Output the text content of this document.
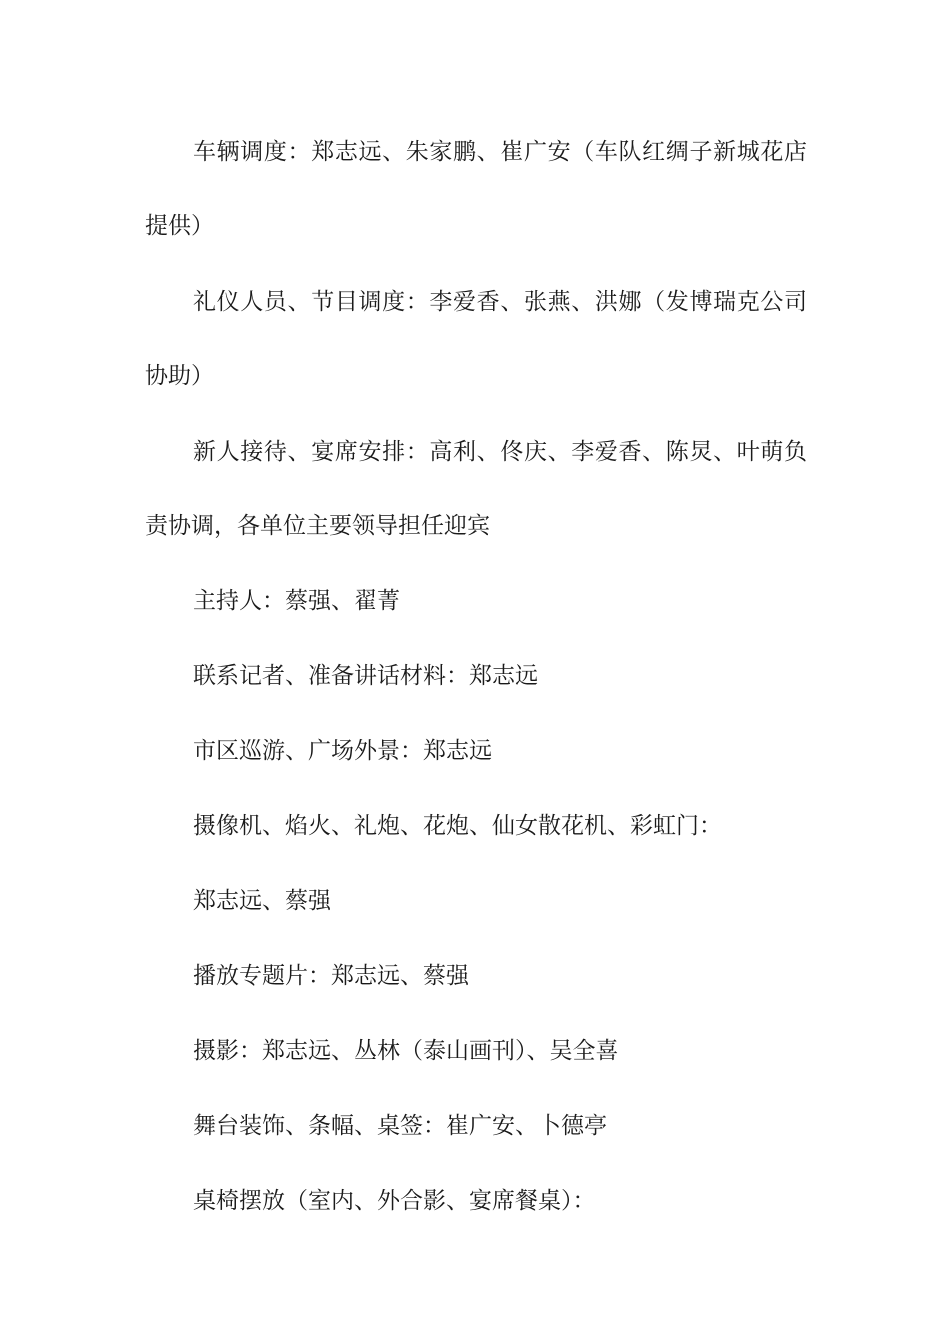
车辆调度：郑志远、朱家鹏、崔广安（车队红绸子新城花店提供）

礼仪人员、节目调度：李爱香、张燕、洪娜（发博瑞克公司协助）

新人接待、宴席安排：高利、佟庆、李爱香、陈炅、叶萌负责协调，各单位主要领导担任迎宾

主持人：蔡强、翟菁

联系记者、准备讲话材料：郑志远

市区巡游、广场外景：郑志远

摄像机、焰火、礼炮、花炮、仙女散花机、彩虹门：

郑志远、蔡强

播放专题片：郑志远、蔡强

摄影：郑志远、丛林（泰山画刊）、吴全喜

舞台装饰、条幅、桌签：崔广安、卜德亭

桌椅摆放（室内、外合影、宴席餐桌）：
